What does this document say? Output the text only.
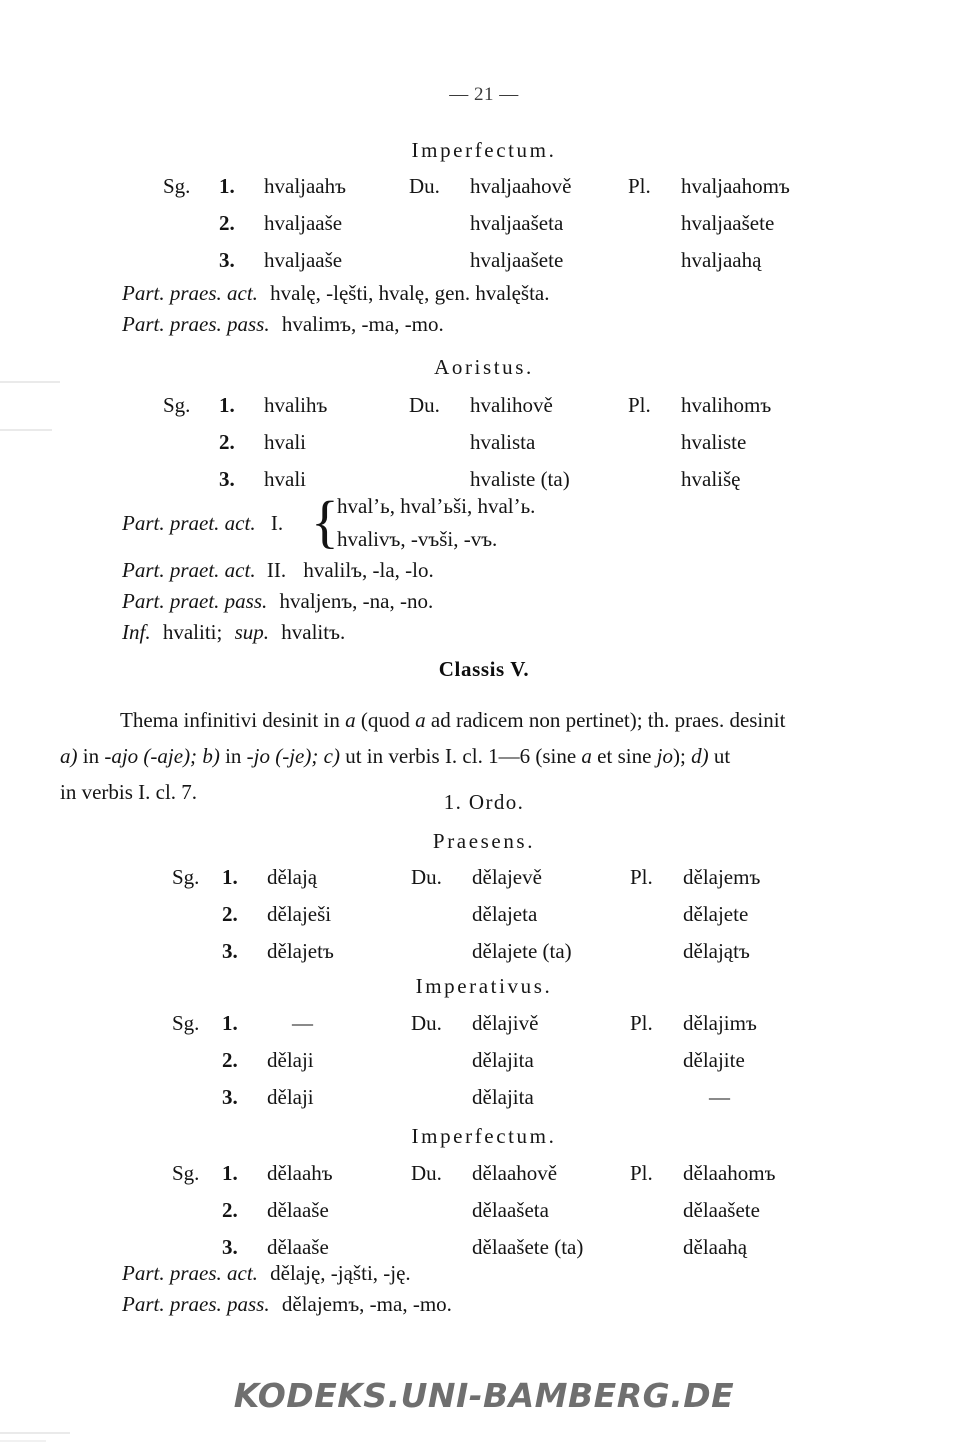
— 21 —
Imperfectum.
Sg. 1. hvaljaahъ	Du. hvaljaahově	Pl. hvaljaahomъ
2. hvaljaaše	hvaljaašeta	hvaljaašete
3. hvaljaaše	hvaljaašete	hvaljaahą
Part. praes. act. hvalę, -lęšti, hvalę, gen. hvalęšta.
Part. praes. pass. hvalimъ, -ma, -mo.
Aoristus.
Sg. 1. hvalihъ	Du. hvalihově	Pl. hvalihomъ
2. hvali	hvalista	hvaliste
3. hvali	hvaliste (ta)	hvališę
Part. praet. act. I. {
hval’ь, hval’ьši, hval’ь.
hvalivъ, -vъši, -vъ.
Part. praet. act. II. hvalilъ, -la, -lo.
Part. praet. pass. hvaljenъ, -na, -no.
Inf. hvaliti; sup. hvalitъ.
Classis V.
Thema infinitivi desinit in a (quod a ad radicem non pertinet); th. praes. desinit
a) in -ajo (-aje); b) in -jo (-je); c) ut in verbis I. cl. 1—6 (sine a et sine jo); d) ut
in verbis I. cl. 7.	1. Ordo.
Praesens.
Sg. 1. dělają	Du. dělajevě	Pl. dělajemъ
2. dělaješi	dělajeta	dělajete
3. dělajetъ	dělajete (ta)	dělajątъ
Imperativus.
Sg. 1.	—	Du. dělajivě	Pl. dělajimъ
2. dělaji	dělajita	dělajite
3. dělaji	dělajita	—
Imperfectum.
Sg. 1. dělaahъ	Du. dělaahově	Pl. dělaahomъ
2. dělaaše	dělaašeta	dělaašete
3. dělaaše	dělaašete (ta)	dělaahą
Part. praes. act. dělaję, -jąšti, -ję.
Part. praes. pass. dělajemъ, -ma, -mo.
KODEKS.UNI-BAMBERG.DE
